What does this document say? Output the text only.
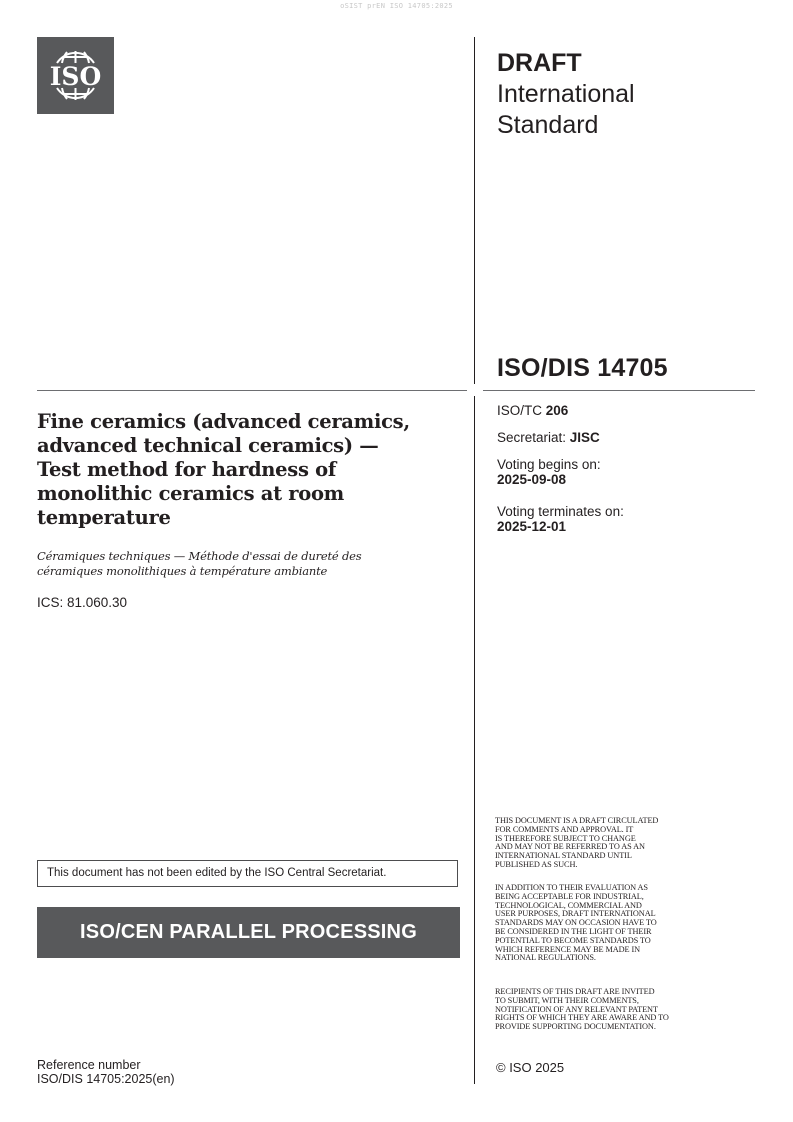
oSIST prEN ISO 14705:2025
ISO	DRAFT
International
Standard
ISO/DIS 14705
ISO/TC 206
Secretariat: JISC
Voting begins on:
2025-09-08
Voting terminates on:
2025-12-01
Fine ceramics (advanced ceramics,
advanced technical ceramics) —
Test method for hardness of
monolithic ceramics at room
temperature
Céramiques techniques — Méthode d'essai de dureté des
céramiques monolithiques à température ambiante
ICS: 81.060.30
This document has not been edited by the ISO Central Secretariat.
ISO/CEN PARALLEL PROCESSING
THIS DOCUMENT IS A DRAFT CIRCULATED
FOR COMMENTS AND APPROVAL. IT
IS THEREFORE SUBJECT TO CHANGE
AND MAY NOT BE REFERRED TO AS AN
INTERNATIONAL STANDARD UNTIL
PUBLISHED AS SUCH.
IN ADDITION TO THEIR EVALUATION AS
BEING ACCEPTABLE FOR INDUSTRIAL,
TECHNOLOGICAL, COMMERCIAL AND
USER PURPOSES, DRAFT INTERNATIONAL
STANDARDS MAY ON OCCASION HAVE TO
BE CONSIDERED IN THE LIGHT OF THEIR
POTENTIAL TO BECOME STANDARDS TO
WHICH REFERENCE MAY BE MADE IN
NATIONAL REGULATIONS.
RECIPIENTS OF THIS DRAFT ARE INVITED
TO SUBMIT, WITH THEIR COMMENTS,
NOTIFICATION OF ANY RELEVANT PATENT
RIGHTS OF WHICH THEY ARE AWARE AND TO
PROVIDE SUPPORTING DOCUMENTATION.
© ISO 2025
Reference number
ISO/DIS 14705:2025(en)
